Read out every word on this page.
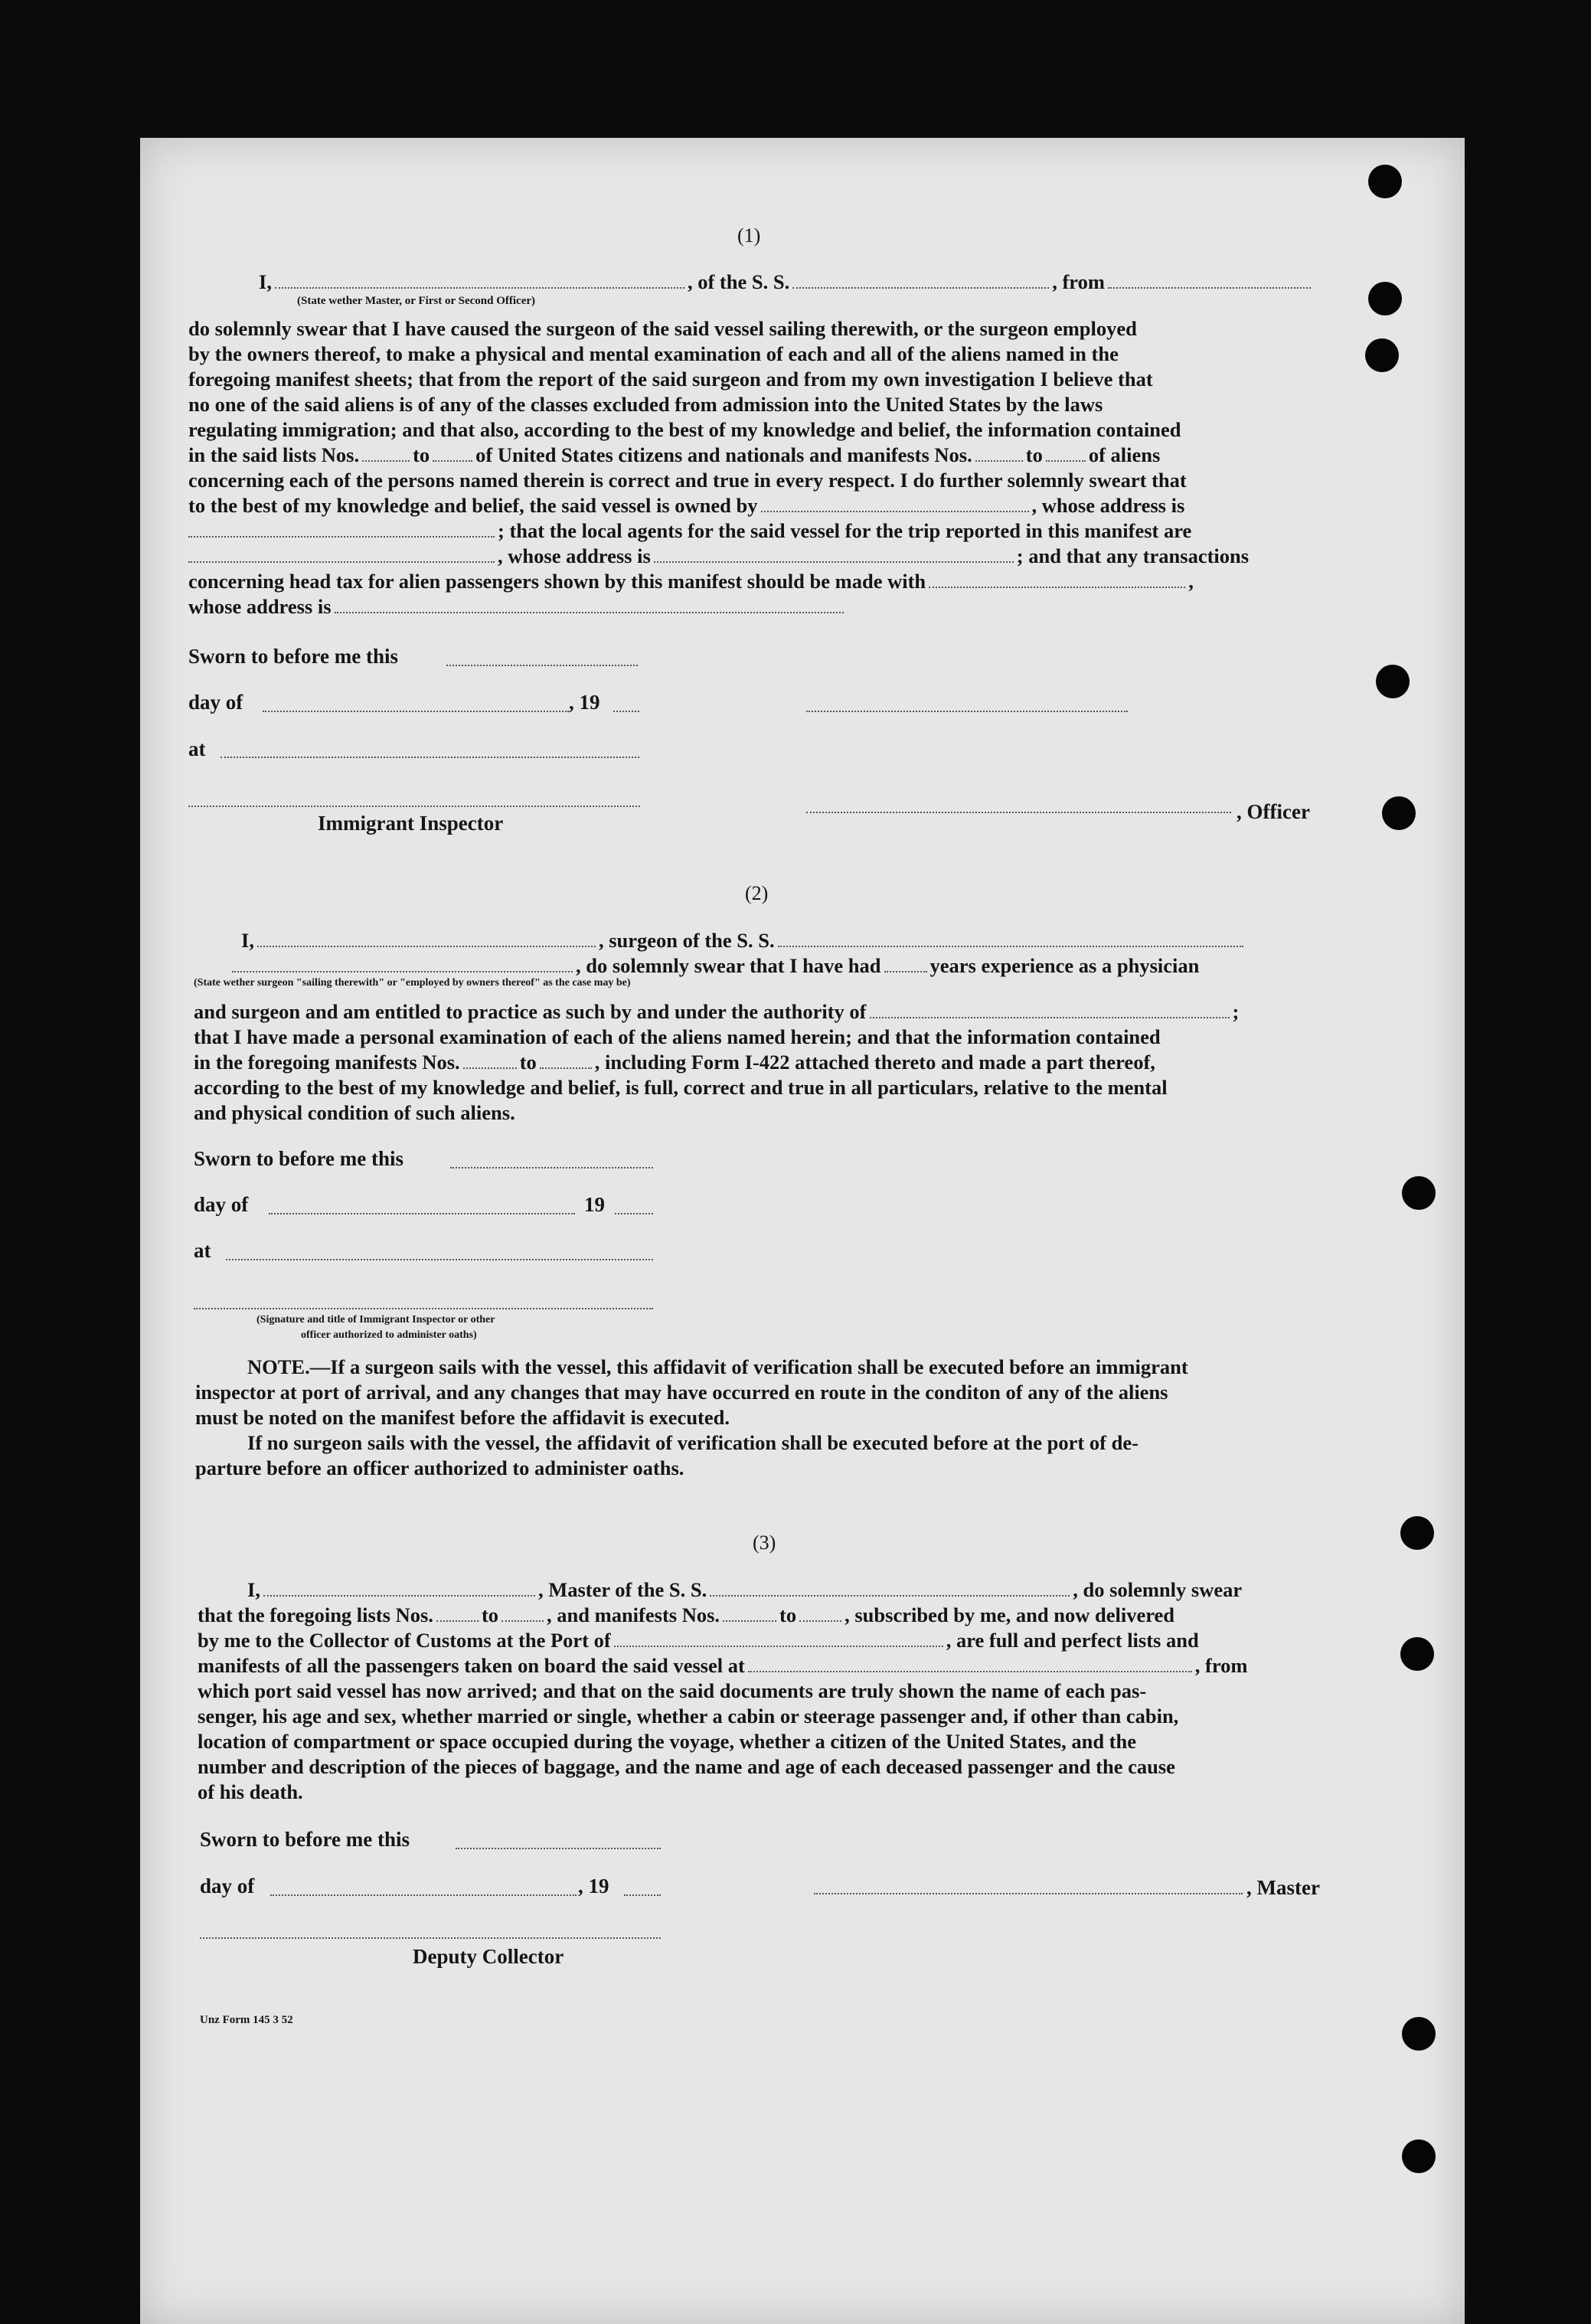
(1)
I,	, of the S. S.	, from
(State wether Master, or First or Second Officer)
do solemnly swear that I have caused the surgeon of the said vessel sailing therewith, or the surgeon employed
by the owners thereof, to make a physical and mental examination of each and all of the aliens named in the
foregoing manifest sheets; that from the report of the said surgeon and from my own investigation I believe that
no one of the said aliens is of any of the classes excluded from admission into the United States by the laws
regulating immigration; and that also, according to the best of my knowledge and belief, the information contained
in the said lists Nos.	to of United States citizens and nationals and manifests Nos.	to of aliens
concerning each of the persons named therein is correct and true in every respect. I do further solemnly sweart that
to the best of my knowledge and belief, the said vessel is owned by	, whose address is
; that the local agents for the said vessel for the trip reported in this manifest are
, whose address is	; and that any transactions
concerning head tax for alien passengers shown by this manifest should be made with	,
whose address is
Sworn to before me this
day of	, 19
at
Immigrant Inspector	, Officer
(2)
I,	, surgeon of the S. S.
, do solemnly swear that I have had years experience as a physician
(State wether surgeon "sailing therewith" or "employed by owners thereof" as the case may be)
and surgeon and am entitled to practice as such by and under the authority of	;
that I have made a personal examination of each of the aliens named herein; and that the information contained
in the foregoing manifests Nos.	to	, including Form I-422 attached thereto and made a part thereof,
according to the best of my knowledge and belief, is full, correct and true in all particulars, relative to the mental
and physical condition of such aliens.
Sworn to before me this
day of	19
at
(Signature and title of Immigrant Inspector or other
officer authorized to administer oaths)
NOTE.—If a surgeon sails with the vessel, this affidavit of verification shall be executed before an immigrant
inspector at port of arrival, and any changes that may have occurred en route in the conditon of any of the aliens
must be noted on the manifest before the affidavit is executed.
If no surgeon sails with the vessel, the affidavit of verification shall be executed before at the port of de-
parture before an officer authorized to administer oaths.
(3)
I,	, Master of the S. S.	, do solemnly swear
that the foregoing lists Nos. to , and manifests Nos.	to , subscribed by me, and now delivered
by me to the Collector of Customs at the Port of	, are full and perfect lists and
manifests of all the passengers taken on board the said vessel at	, from
which port said vessel has now arrived; and that on the said documents are truly shown the name of each pas-
senger, his age and sex, whether married or single, whether a cabin or steerage passenger and, if other than cabin,
location of compartment or space occupied during the voyage, whether a citizen of the United States, and the
number and description of the pieces of baggage, and the name and age of each deceased passenger and the cause
of his death.
Sworn to before me this
day of	, 19	, Master
Deputy Collector
Unz Form 145 3 52
